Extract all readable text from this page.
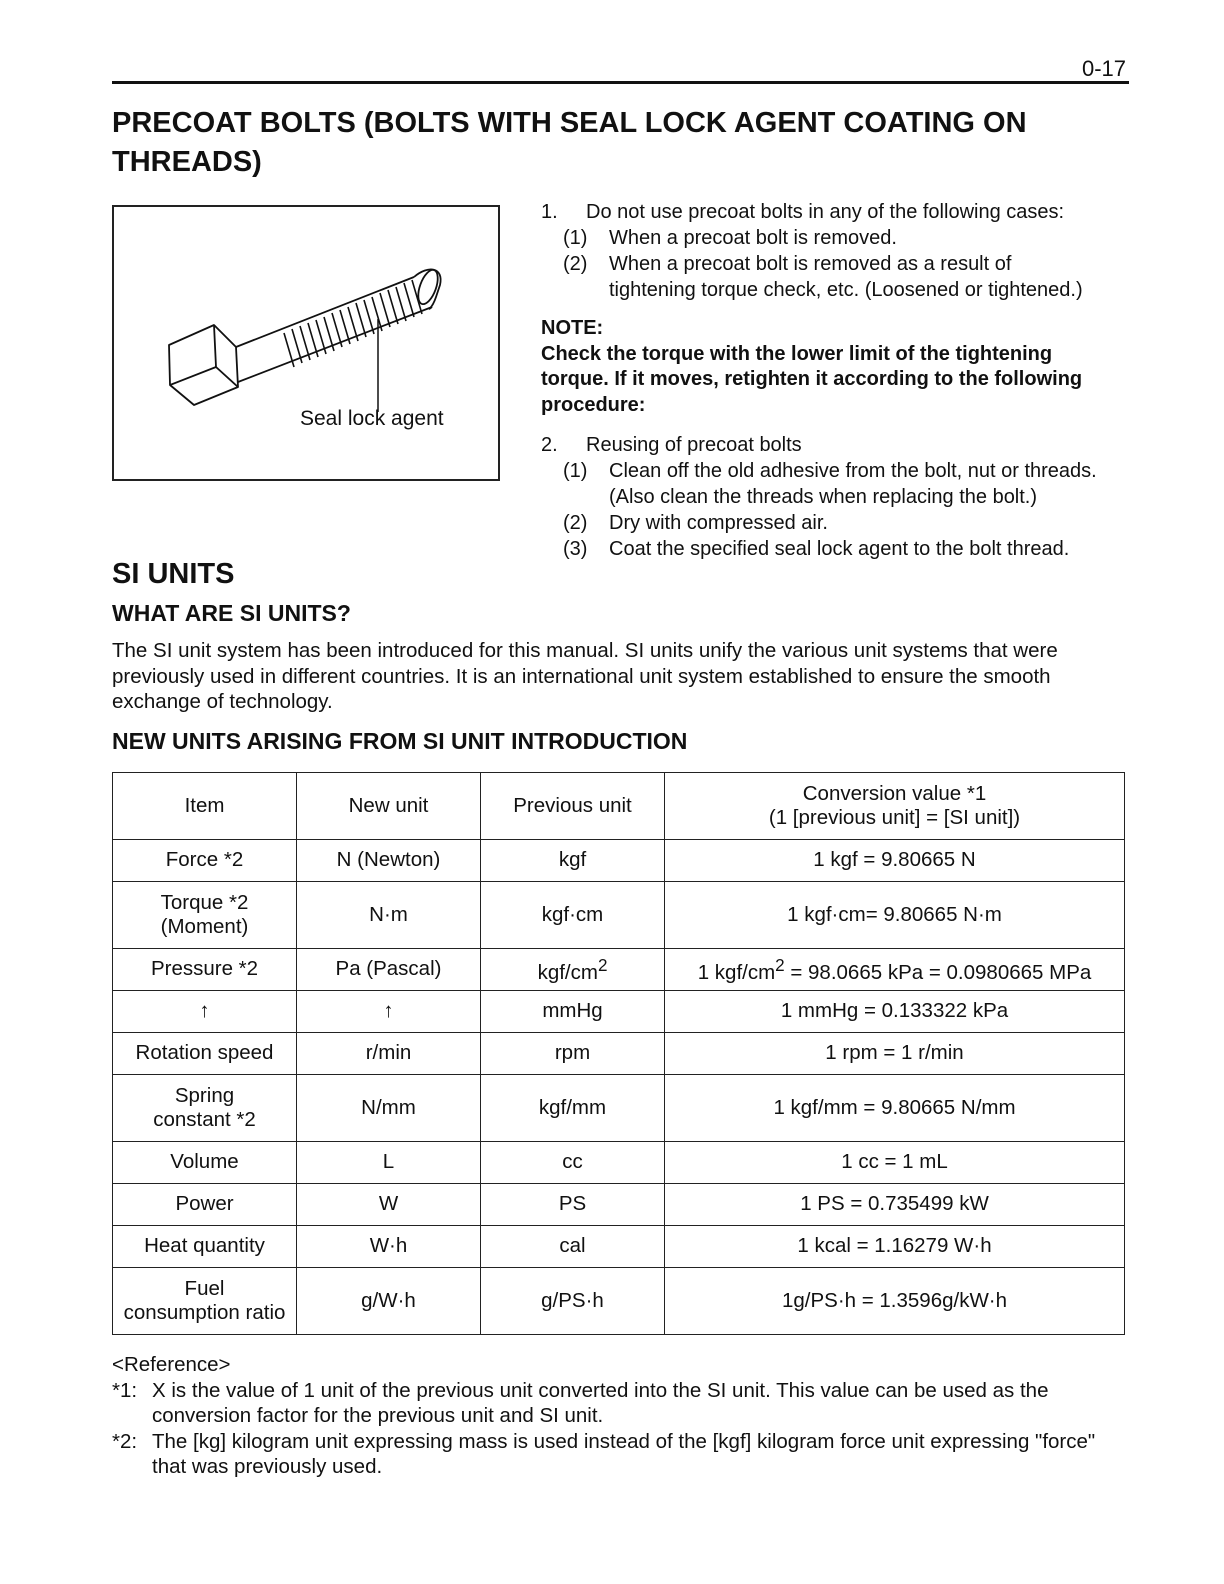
0-17
PRECOAT BOLTS (BOLTS WITH SEAL LOCK AGENT COATING ON THREADS)
Seal lock agent
1. Do not use precoat bolts in any of the following cases:
(1) When a precoat bolt is removed.
(2) When a precoat bolt is removed as a result of
tightening torque check, etc. (Loosened or tightened.)
NOTE:
Check the torque with the lower limit of the tightening torque. If it moves, retighten it according to the following procedure:
2. Reusing of precoat bolts
(1) Clean off the old adhesive from the bolt, nut or threads.
(Also clean the threads when replacing the bolt.)
(2) Dry with compressed air.
(3) Coat the specified seal lock agent to the bolt thread.
SI UNITS
WHAT ARE SI UNITS?

The SI unit system has been introduced for this manual. SI units unify the various unit systems that were previously used in different countries. It is an international unit system established to ensure the smooth exchange of technology.

NEW UNITS ARISING FROM SI UNIT INTRODUCTION
Item	New unit	Previous unit	Conversion value *1
(1 [previous unit] = [SI unit])

Force *2	N (Newton)	kgf	1 kgf = 9.80665 N

Torque *2
(Moment)	N·m	kgf·cm	1 kgf·cm= 9.80665 N·m
Pressure *2	Pa (Pascal)	kgf/$cm^2$	1 kgf/$cm^2 = 98.0665$ kPa = 0.0980665 MPa
↑	↑	mmHg	1 mmHg = 0.133322 kPa
Rotation speed	r/min	rpm	1 rpm = 1 r/min

Spring
constant *2	N/mm	kgf/mm	1 kgf/mm = 9.80665 N/mm
Volume	L	cc	1 cc = 1 mL
Power	W	PS	1 PS = 0.735499 kW
Heat quantity	W·h	cal	1 kcal = 1.16279 W·h

Fuel
consumption ratio	g/W·h	g/PS·h	1g/PS·h = 1.3596g/kW·h
<Reference>
*1: X is the value of 1 unit of the previous unit converted into the SI unit. This value can be used as the conversion factor for the previous unit and SI unit.
*2: The [kg] kilogram unit expressing mass is used instead of the [kgf] kilogram force unit expressing "force" that was previously used.
